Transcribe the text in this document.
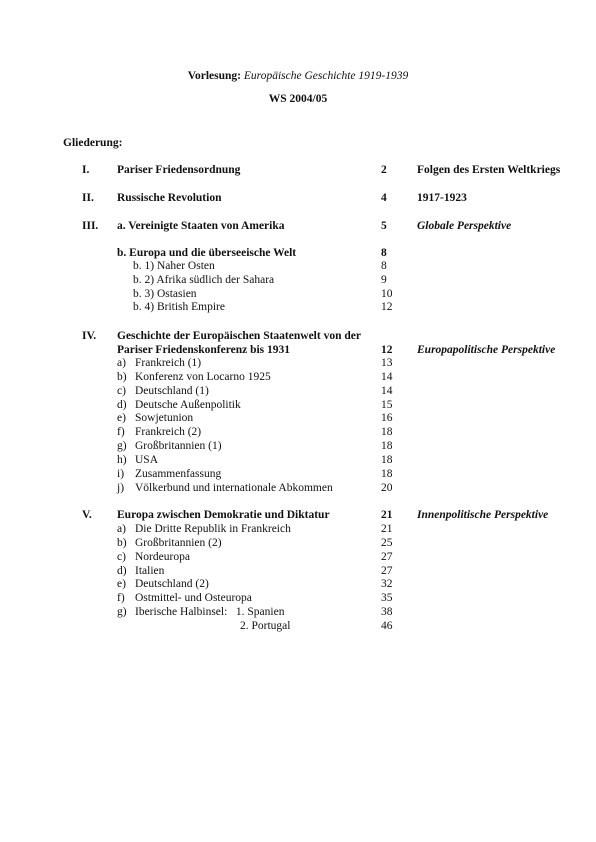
Vorlesung: Europäische Geschichte 1919-1939
WS 2004/05
Gliederung:
I. Pariser Friedensordnung	2	Folgen des Ersten Weltkriegs
II. Russische Revolution	4	1917-1923
III. a. Vereinigte Staaten von Amerika	5	Globale Perspektive
b. Europa und die überseeische Welt	8
b. 1) Naher Osten	8
b. 2) Afrika südlich der Sahara	9
b. 3) Ostasien	10
b. 4) British Empire	12
IV. Geschichte der Europäischen Staatenwelt von der
Pariser Friedenskonferenz bis 1931	12 Europapolitische Perspektive
a) Frankreich (1)	13
b) Konferenz von Locarno 1925	14
c) Deutschland (1)	14
d) Deutsche Außenpolitik	15
e) Sowjetunion	16
f) Frankreich (2)	18
g) Großbritannien (1)	18
h) USA	18
i) Zusammenfassung	18
j) Völkerbund und internationale Abkommen	20
V. Europa zwischen Demokratie und Diktatur	21 Innenpolitische Perspektive
a) Die Dritte Republik in Frankreich	21
b) Großbritannien (2)	25
c) Nordeuropa	27
d) Italien	27
e) Deutschland (2)	32
f) Ostmittel- und Osteuropa	35
g) Iberische Halbinsel:   1. Spanien	38
2. Portugal	46
